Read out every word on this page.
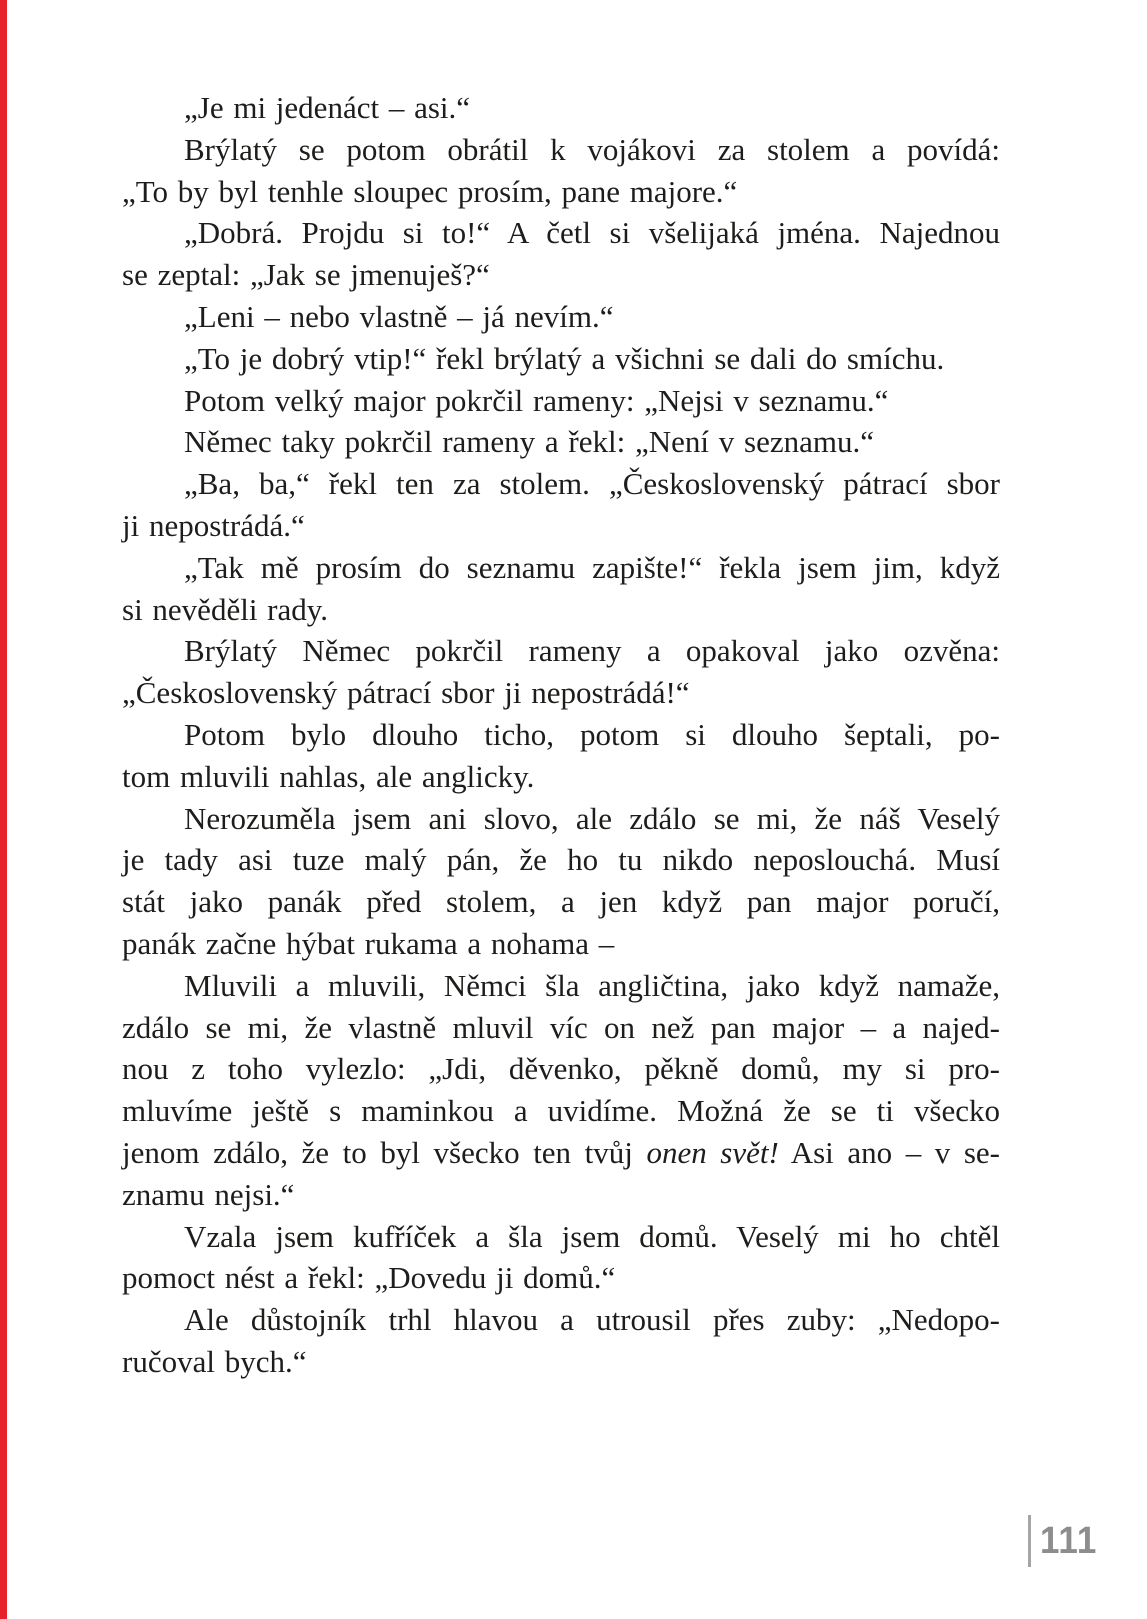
„Je mi jedenáct – asi.“
Brýlatý se potom obrátil k vojákovi za stolem a povídá:
„To by byl tenhle sloupec prosím, pane majore.“
„Dobrá. Projdu si to!“ A četl si všelijaká jména. Najednou
se zeptal: „Jak se jmenuješ?“
„Leni – nebo vlastně – já nevím.“
„To je dobrý vtip!“ řekl brýlatý a všichni se dali do smíchu.
Potom velký major pokrčil rameny: „Nejsi v seznamu.“
Němec taky pokrčil rameny a řekl: „Není v seznamu.“
„Ba, ba,“ řekl ten za stolem. „Československý pátrací sbor
ji nepostrádá.“
„Tak mě prosím do seznamu zapište!“ řekla jsem jim, když
si nevěděli rady.
Brýlatý Němec pokrčil rameny a opakoval jako ozvěna:
„Československý pátrací sbor ji nepostrádá!“
Potom bylo dlouho ticho, potom si dlouho šeptali, po-
tom mluvili nahlas, ale anglicky.
Nerozuměla jsem ani slovo, ale zdálo se mi, že náš Veselý
je tady asi tuze malý pán, že ho tu nikdo neposlouchá. Musí
stát jako panák před stolem, a jen když pan major poručí,
panák začne hýbat rukama a nohama –
Mluvili a mluvili, Němci šla angličtina, jako když namaže,
zdálo se mi, že vlastně mluvil víc on než pan major – a najed-
nou z toho vylezlo: „Jdi, děvenko, pěkně domů, my si pro-
mluvíme ještě s maminkou a uvidíme. Možná že se ti všecko
jenom zdálo, že to byl všecko ten tvůj onen svět! Asi ano – v se-
znamu nejsi.“
Vzala jsem kufříček a šla jsem domů. Veselý mi ho chtěl
pomoct nést a řekl: „Dovedu ji domů.“
Ale důstojník trhl hlavou a utrousil přes zuby: „Nedopo-
ručoval bych.“
111
